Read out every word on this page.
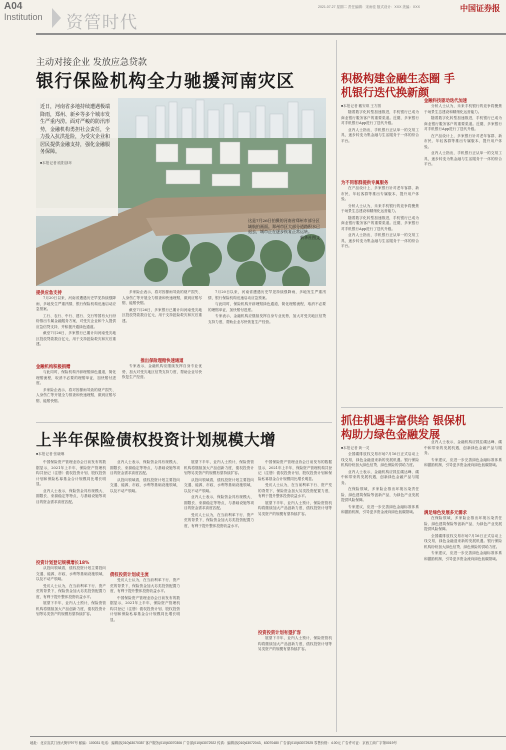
A04
Institution 资管时代
2021.07.27 星期二 责任编辑：宋雨佳 版式设计：XXX 美编：XXX	中国证券报
主动对接企业 发放应急贷款
银行保险机构全力驰援河南灾区
近日，河南省多地持续遭遇极端降雨，郑州、新乡等多个城市发生严重内涝。面对严峻的防汛形势，金融机构勇担社会责任，全力投入抗洪抢险，为受灾企业和居民提供金融支持，强化金融服务保障。
■本报记者 欧阳剑环
这是7月26日拍摄的河南省郑州市部分区域航拍画面。郑州市区大部分道路积水已退去，城市正在逐步恢复正常运转。
新华社图文
提供应急支持

7月20日以来，河南省遭遇历史罕见持续强降雨，多地发生严重汛情，银行保险机构迅速启动应急预案。

工行、农行、中行、建行、交行等国有大行纷纷推出专属金融服务方案，对受灾企业和个人提供应急信贷支持，并积极开通绿色通道。

截至7月26日，多家银行已累计向河南受灾地区投放贷款数百亿元，用于支持抢险救灾和灾后重建。

金融机构积极捐赠

与此同时，保险机构开辟理赔绿色通道，简化理赔流程，取消不必要的理赔单证，加快赔付进度。

多家险企表示，将对因暴雨导致的财产损失、人身伤亡等开展全力排查和快速理赔，做到应赔尽赔、能赔快赔。

多家险企表示，将对因暴雨导致的财产损失、人身伤亡等开展全力排查和快速理赔，做到应赔尽赔、能赔快赔。

截至7月26日，多家银行已累计向河南受灾地区投放贷款数百亿元，用于支持抢险救灾和灾后重建。

推出保险理赔快速通道

专家表示，金融机构应继续发挥自身专业优势，加大对受灾地区信贷支持力度，帮助企业尽快恢复生产经营。

7月20日以来，河南省遭遇历史罕见持续强降雨，多地发生严重汛情，银行保险机构迅速启动应急预案。

与此同时，保险机构开辟理赔绿色通道，简化理赔流程，取消不必要的理赔单证，加快赔付进度。

专家表示，金融机构应继续发挥自身专业优势，加大对受灾地区信贷支持力度，帮助企业尽快恢复生产经营。

上半年保险债权投资计划规模大增
■本报记者 张晓琳

中国保险资产管理业协会日前发布的数据显示，2021年上半年，保险资产管理机构共登记（注册）债权投资计划、股权投资计划和保险私募基金合计规模同比增长明显。

业内人士表示，保险资金具有规模大、期限长、来源稳定等特点，与基础设施等项目的资金需求高度匹配。

投资计划登记规模增长18%

从投向领域看，债权投资计划主要投向交通、能源、市政、水利等基础设施领域，以及不动产领域。

受访人士认为，在当前利率下行、资产荒的背景下，保险资金加大另类投资配置力度，有利于提升整体投资收益水平。

展望下半年，业内人士预计，保险资管机构将继续加大产品创新力度，债权投资计划等另类资产的规模有望持续扩容。

业内人士表示，保险资金具有规模大、期限长、来源稳定等特点，与基础设施等项目的资金需求高度匹配。

从投向领域看，债权投资计划主要投向交通、能源、市政、水利等基础设施领域，以及不动产领域。

债权投资计划成主流

受访人士认为，在当前利率下行、资产荒的背景下，保险资金加大另类投资配置力度，有利于提升整体投资收益水平。

中国保险资产管理业协会日前发布的数据显示，2021年上半年，保险资产管理机构共登记（注册）债权投资计划、股权投资计划和保险私募基金合计规模同比增长明显。

展望下半年，业内人士预计，保险资管机构将继续加大产品创新力度，债权投资计划等另类资产的规模有望持续扩容。

从投向领域看，债权投资计划主要投向交通、能源、市政、水利等基础设施领域，以及不动产领域。

业内人士表示，保险资金具有规模大、期限长、来源稳定等特点，与基础设施等项目的资金需求高度匹配。

受访人士认为，在当前利率下行、资产荒的背景下，保险资金加大另类投资配置力度，有利于提升整体投资收益水平。

中国保险资产管理业协会日前发布的数据显示，2021年上半年，保险资产管理机构共登记（注册）债权投资计划、股权投资计划和保险私募基金合计规模同比增长明显。

受访人士认为，在当前利率下行、资产荒的背景下，保险资金加大另类投资配置力度，有利于提升整体投资收益水平。

展望下半年，业内人士预计，保险资管机构将继续加大产品创新力度，债权投资计划等另类资产的规模有望持续扩容。

投资投资计划有望扩容

展望下半年，业内人士预计，保险资管机构将继续加大产品创新力度，债权投资计划等另类资产的规模有望持续扩容。

积极构建金融生态圈 手机银行迭代换新颜
■本报记者 戴安琪 王方圆

随着数字化转型加速推进，手机银行已成为商业银行服务客户的重要渠道。近期，多家银行对手机银行App进行了迭代升级。

业内人士指出，手机银行正从单一的交易工具，逐步转变为集金融与生活服务于一体的综合平台。

为不同客群提供专属服务

在产品设计上，多家银行针对老年客群、新市民、年轻客群等推出专属版本，提升用户体验。

分析人士认为，未来手机银行的竞争将聚焦于场景生态建设和精细化运营能力。

随着数字化转型加速推进，手机银行已成为商业银行服务客户的重要渠道。近期，多家银行对手机银行App进行了迭代升级。

业内人士指出，手机银行正从单一的交易工具，逐步转变为集金融与生活服务于一体的综合平台。

金融科技驱动迭代加速

分析人士认为，未来手机银行的竞争将聚焦于场景生态建设和精细化运营能力。

随着数字化转型加速推进，手机银行已成为商业银行服务客户的重要渠道。近期，多家银行对手机银行App进行了迭代升级。

在产品设计上，多家银行针对老年客群、新市民、年轻客群等推出专属版本，提升用户体验。

业内人士指出，手机银行正从单一的交易工具，逐步转变为集金融与生活服务于一体的综合平台。

抓住机遇丰富供给 银保机构助力绿色金融发展
■本报记者 黄一灵

全国碳排放权交易市场7月16日正式启动上线交易，绿色金融迎来新的发展机遇。银行保险机构纷纷加大绿色信贷、绿色保险的供给力度。

业内人士表示，金融机构应抓住碳达峰、碳中和带来的发展机遇，创新绿色金融产品与服务。

在保险领域，多家险企推出环境污染责任险、绿色建筑保险等创新产品，为绿色产业发展提供风险保障。

专家建议，应进一步完善绿色金融标准体系和激励机制，引导更多资金流向绿色低碳领域。

业内人士表示，金融机构应抓住碳达峰、碳中和带来的发展机遇，创新绿色金融产品与服务。

专家建议，应进一步完善绿色金融标准体系和激励机制，引导更多资金流向绿色低碳领域。

满足绿色发展多元需求

在保险领域，多家险企推出环境污染责任险、绿色建筑保险等创新产品，为绿色产业发展提供风险保障。

全国碳排放权交易市场7月16日正式启动上线交易，绿色金融迎来新的发展机遇。银行保险机构纷纷加大绿色信贷、绿色保险的供给力度。

专家建议，应进一步完善绿色金融标准体系和激励机制，引导更多资金流向绿色低碳领域。

地址：北京宣武门西大街甲97号 邮编：100031 电话：编辑部(010)63070357 客户服务(010)63070306 广告部(010)63072922 传真：编辑部(010)63072043、63070480 广告部(010)63072925 零售价格：4.00元 广告许可证：京西工商广字第0019号
